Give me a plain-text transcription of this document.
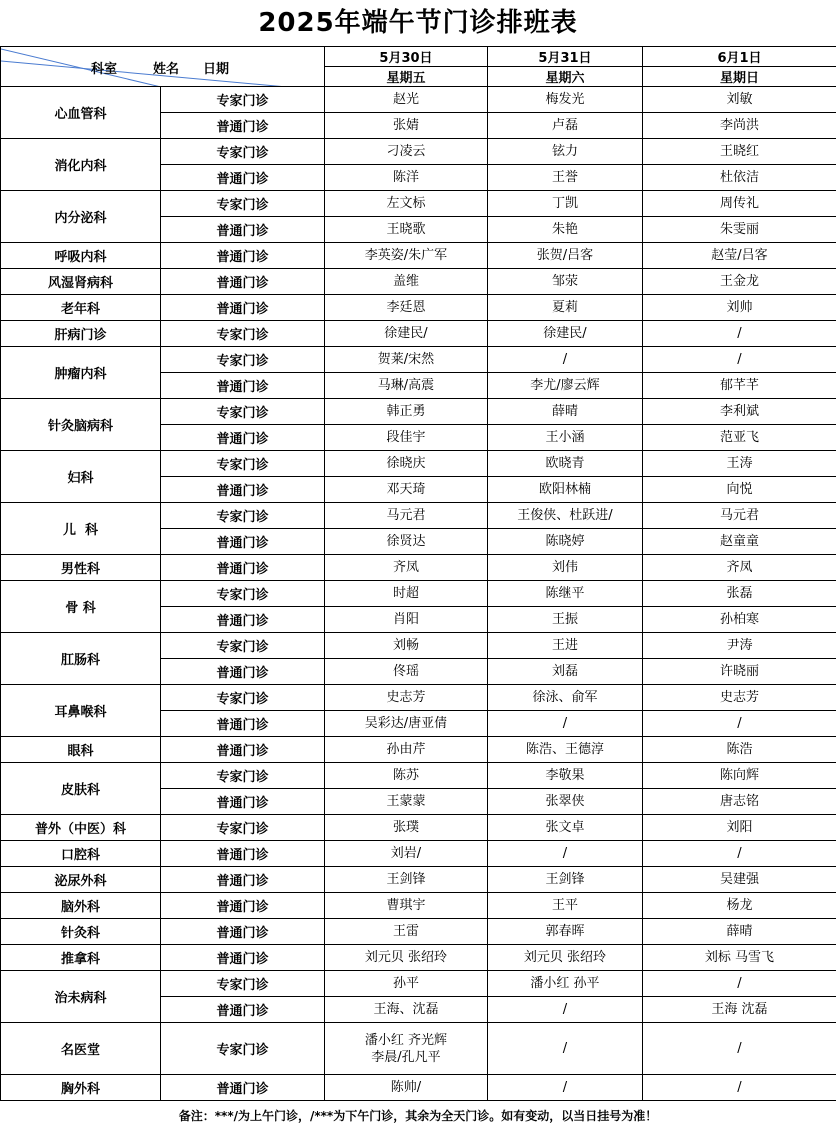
2025年端午节门诊排班表
科室 姓名 日期		5月30日	5月31日	6月1日
		星期五	星期六	星期日
心血管科	专家门诊	赵光	梅发光	刘敏
	普通门诊	张婧	卢磊	李尚洪
消化内科	专家门诊	刁凌云	铉力	王晓红
	普通门诊	陈洋	王誉	杜依洁
内分泌科	专家门诊	左文标	丁凯	周传礼
	普通门诊	王晓歌	朱艳	朱雯丽
呼吸内科	普通门诊	李英姿/朱广军	张贺/吕客	赵莹/吕客
风湿肾病科	普通门诊	盖维	邹荥	王金龙
老年科	普通门诊	李廷恩	夏莉	刘帅
肝病门诊	专家门诊	徐建民/	徐建民/	/
肿瘤内科	专家门诊	贺莱/宋然	/	/
	普通门诊	马琳/高震	李尤/廖云辉	郁芊芊
针灸脑病科	专家门诊	韩正勇	薛晴	李利斌
	普通门诊	段佳宇	王小涵	范亚飞
妇科	专家门诊	徐晓庆	欧晓青	王涛
	普通门诊	邓天琦	欧阳林楠	向悦
儿  科	专家门诊	马元君	王俊侠、杜跃进/	马元君
	普通门诊	徐贤达	陈晓婷	赵童童
男性科	普通门诊	齐凤	刘伟	齐凤
骨 科	专家门诊	时超	陈继平	张磊
	普通门诊	肖阳	王振	孙柏寒
肛肠科	专家门诊	刘畅	王进	尹涛
	普通门诊	佟瑶	刘磊	许晓丽
耳鼻喉科	专家门诊	史志芳	徐泳、俞军	史志芳
	普通门诊	吴彩达/唐亚倩	/	/
眼科	普通门诊	孙由芹	陈浩、王德淳	陈浩
皮肤科	专家门诊	陈苏	李敬果	陈向辉
	普通门诊	王蒙蒙	张翠侠	唐志铭
普外（中医）科	专家门诊	张璞	张文卓	刘阳
口腔科	普通门诊	刘岩/	/	/
泌尿外科	普通门诊	王剑锋	王剑锋	吴建强
脑外科	普通门诊	曹琪宇	王平	杨龙
针灸科	普通门诊	王雷	郭春晖	薛晴
推拿科	普通门诊	刘元贝 张绍玲	刘元贝 张绍玲	刘标 马雪飞
治未病科	专家门诊	孙平	潘小红 孙平	/
	普通门诊	王海、沈磊	/	王海 沈磊
名医堂	专家门诊	潘小红 齐光辉
李晨/孔凡平	/	/
胸外科	普通门诊	陈帅/	/	/
备注：***/为上午门诊，/***为下午门诊，其余为全天门诊。如有变动，以当日挂号为准！
